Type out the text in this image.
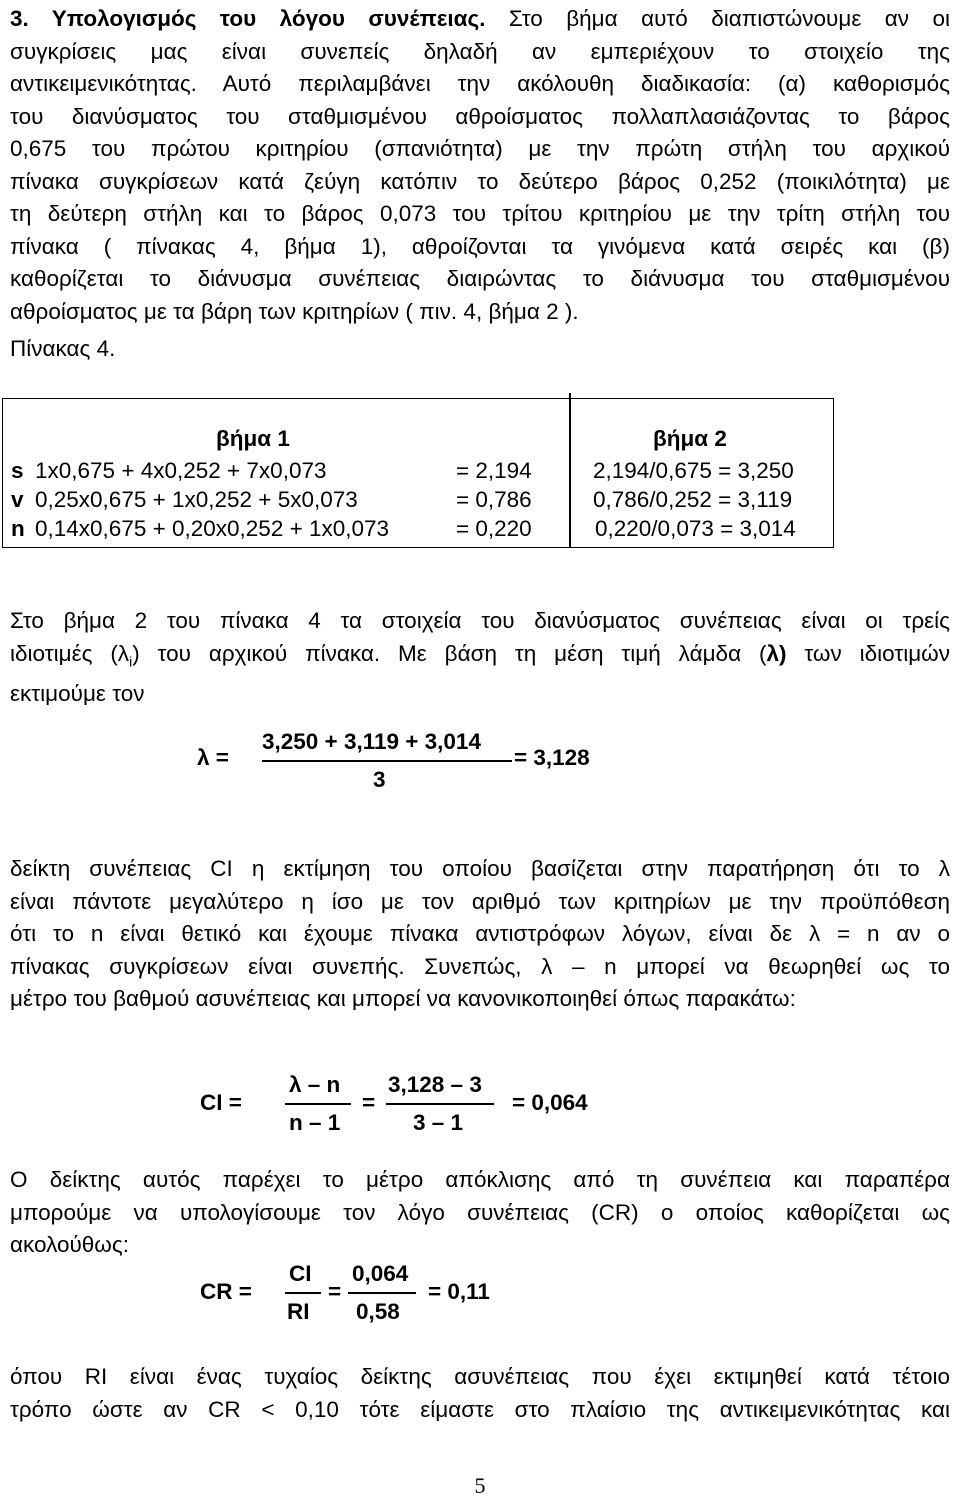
3. Υπολογισμός του λόγου συνέπειας. Στο βήμα αυτό διαπιστώνουμε αν οι
συγκρίσεις μας είναι συνεπείς δηλαδή αν εμπεριέχουν το στοιχείο της
αντικειμενικότητας. Αυτό περιλαμβάνει την ακόλουθη διαδικασία: (α) καθορισμός
του διανύσματος του σταθμισμένου αθροίσματος πολλαπλασιάζοντας το βάρος
0,675 του πρώτου κριτηρίου (σπανιότητα) με την πρώτη στήλη του αρχικού
πίνακα συγκρίσεων κατά ζεύγη κατόπιν το δεύτερο βάρος 0,252 (ποικιλότητα) με
τη δεύτερη στήλη και το βάρος 0,073 του τρίτου κριτηρίου με την τρίτη στήλη του
πίνακα ( πίνακας 4, βήμα 1), αθροίζονται τα γινόμενα κατά σειρές και (β)
καθορίζεται το διάνυσμα συνέπειας διαιρώντας το διάνυσμα του σταθμισμένου
αθροίσματος με τα βάρη των κριτηρίων ( πιν. 4, βήμα 2 ).
Πίνακας 4.
βήμα 1	βήμα 2
s 1x0,675 + 4x0,252 + 7x0,073	= 2,194	2,194/0,675 = 3,250
v 0,25x0,675 + 1x0,252 + 5x0,073	= 0,786	0,786/0,252 = 3,119
n 0,14x0,675 + 0,20x0,252 + 1x0,073	= 0,220	0,220/0,073 = 3,014
Στο βήμα 2 του πίνακα 4 τα στοιχεία του διανύσματος συνέπειας είναι οι τρείς
ιδιοτιμές $(\lambda_i)$ του αρχικού πίνακα. Με βάση τη μέση τιμή λάμδα (λ) των ιδιοτιμών
εκτιμούμε τον
λ =
3,250 + 3,119 + 3,014
3
= 3,128
δείκτη συνέπειας CI η εκτίμηση του οποίου βασίζεται στην παρατήρηση ότι το λ
είναι πάντοτε μεγαλύτερο η ίσο με τον αριθμό των κριτηρίων με την προϋπόθεση
ότι το n είναι θετικό και έχουμε πίνακα αντιστρόφων λόγων, είναι δε λ = n αν ο
πίνακας συγκρίσεων είναι συνεπής. Συνεπώς, λ – n μπορεί να θεωρηθεί ως το
μέτρο του βαθμού ασυνέπειας και μπορεί να κανονικοποιηθεί όπως παρακάτω:
CI =
λ – n
n – 1
=
3,128 – 3
3 – 1
= 0,064
Ο δείκτης αυτός παρέχει το μέτρο απόκλισης από τη συνέπεια και παραπέρα
μπορούμε να υπολογίσουμε τον λόγο συνέπειας (CR) ο οποίος καθορίζεται ως
ακολούθως:
CR =
CI
RI
=
0,064
0,58
= 0,11
όπου RI είναι ένας τυχαίος δείκτης ασυνέπειας που έχει εκτιμηθεί κατά τέτοιο
τρόπο ώστε αν CR < 0,10 τότε είμαστε στο πλαίσιο της αντικειμενικότητας και
5
